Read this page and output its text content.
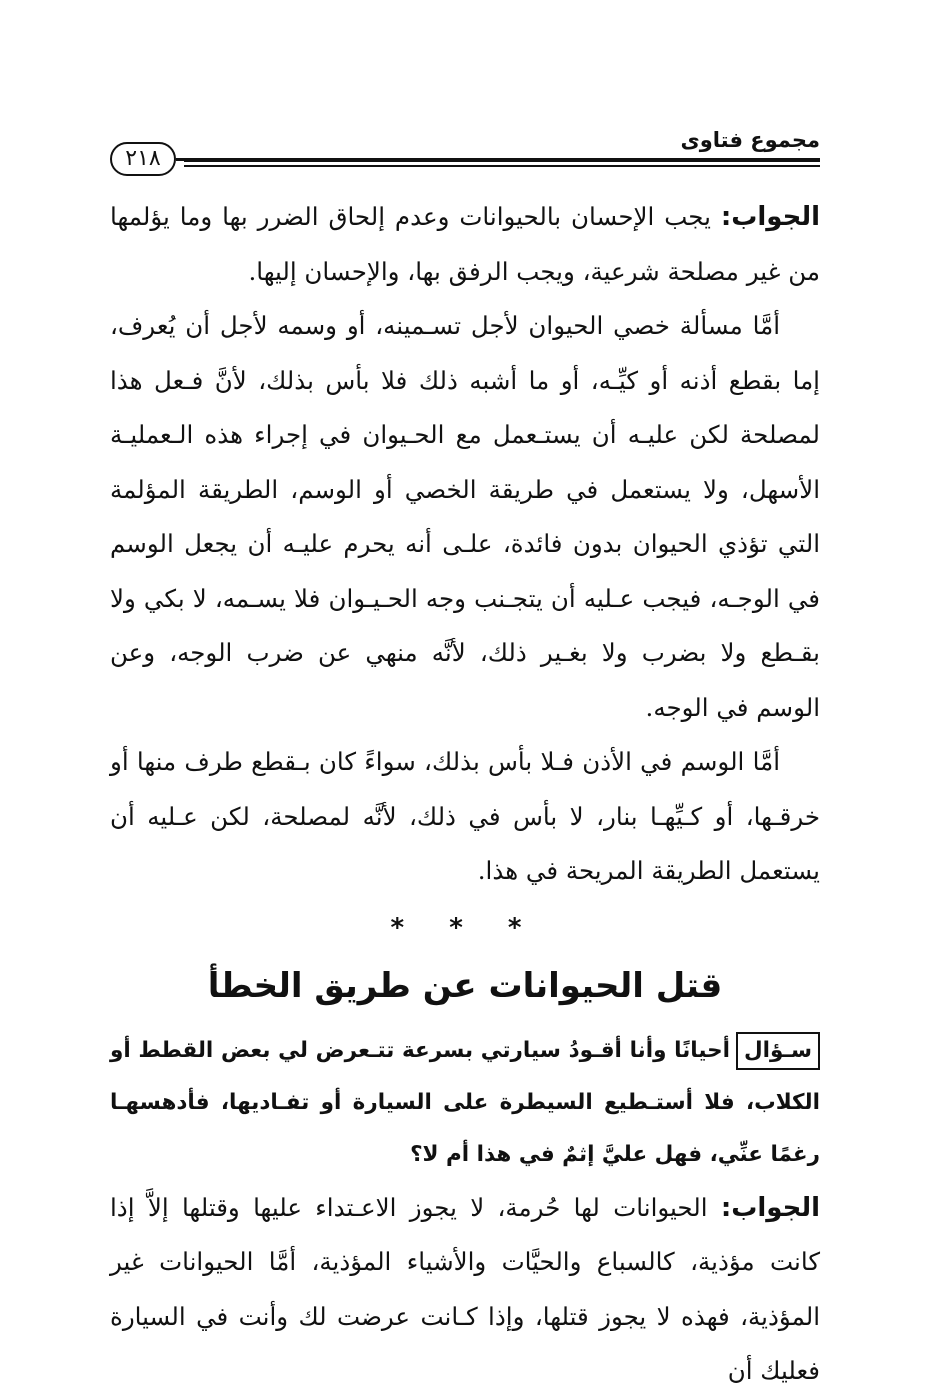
٢١٨
مجموع فتاوى

الجواب: يجب الإحسان بالحيوانات وعدم إلحاق الضرر بها وما يؤلمها من غير مصلحة شرعية، ويجب الرفق بها، والإحسان إليها.

أمَّا مسألة خصي الحيوان لأجل تسـمينه، أو وسمه لأجل أن يُعرف، إما بقطع أذنه أو كيِّـه، أو ما أشبه ذلك فلا بأس بذلك، لأنَّ فـعل هذا لمصلحة لكن عليـه أن يستـعمل مع الحـيوان في إجراء هذه الـعمليـة الأسهل، ولا يستعمل في طريقة الخصي أو الوسم، الطريقة المؤلمة التي تؤذي الحيوان بدون فائدة، علـى أنه يحرم عليـه أن يجعل الوسم في الوجـه، فيجب عـليه أن يتجـنب وجه الحـيـوان فلا يسـمه، لا بكي ولا بقـطع ولا بضرب ولا بغـير ذلك، لأنَّه منهي عن ضرب الوجه، وعن الوسم في الوجه.

أمَّا الوسم في الأذن فـلا بأس بذلك، سواءً كان بـقطع طرف منها أو خرقـها، أو كـيِّهـا بنار، لا بأس في ذلك، لأنَّه لمصلحة، لكن عـليه أن يستعمل الطريقة المريحة في هذا.

* * *
قتل الحيوانات عن طريق الخطأ

سـؤالأحيانًا وأنا أقـودُ سيارتي بسرعة تتـعرض لي بعض القطط أو الكلاب، فلا أستـطيع السيطرة على السيارة أو تفـاديها، فأدهسهـا رغمًا عنِّي، فهل عليَّ إثمٌ في هذا أم لا؟

الجواب: الحيوانات لها حُرمة، لا يجوز الاعـتداء عليها وقتلها إلاَّ إذا كانت مؤذية، كالسباع والحيَّات والأشياء المؤذية، أمَّا الحيوانات غير المؤذية، فهذه لا يجوز قتلها، وإذا كـانت عرضت لك وأنت في السيارة فعليك أن
